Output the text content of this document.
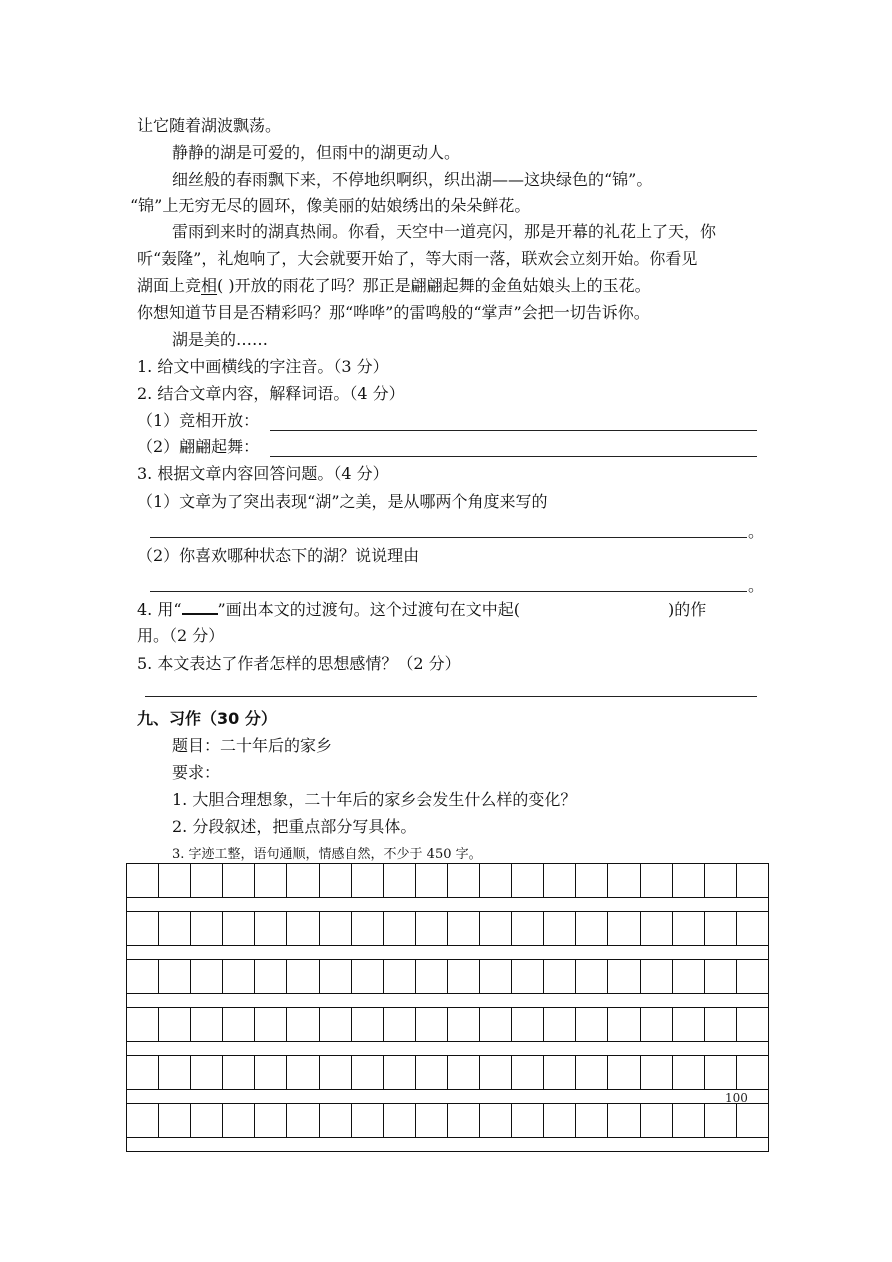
让它随着湖波飘荡。
静静的湖是可爱的，但雨中的湖更动人。
细丝般的春雨飘下来，不停地织啊织，织出湖——这块绿色的“锦”。
“锦”上无穷无尽的圆环，像美丽的姑娘绣出的朵朵鲜花。
雷雨到来时的湖真热闹。你看，天空中一道亮闪，那是开幕的礼花上了天，你
听“轰隆”，礼炮响了，大会就要开始了，等大雨一落，联欢会立刻开始。你看见
湖面上竞相( )开放的雨花了吗？那正是翩翩起舞的金鱼姑娘头上的玉花。
你想知道节目是否精彩吗？那“哗哗”的雷鸣般的“掌声”会把一切告诉你。
湖是美的……
1. 给文中画横线的字注音。（3 分）
2. 结合文章内容，解释词语。（4 分）
（1）竞相开放：
（2）翩翩起舞：
3. 根据文章内容回答问题。（4 分）
（1）文章为了突出表现“湖”之美，是从哪两个角度来写的
。
（2）你喜欢哪种状态下的湖？说说理由
。
4. 用“ ”画出本文的过渡句。这个过渡句在文中起(	)的作
用。（2 分）
5. 本文表达了作者怎样的思想感情？（2 分）
九、习作（30 分）
题目：二十年后的家乡
要求：
1. 大胆合理想象，二十年后的家乡会发生什么样的变化？
2. 分段叙述，把重点部分写具体。
3. 字迹工整，语句通顺，情感自然，不少于 450 字。
100
